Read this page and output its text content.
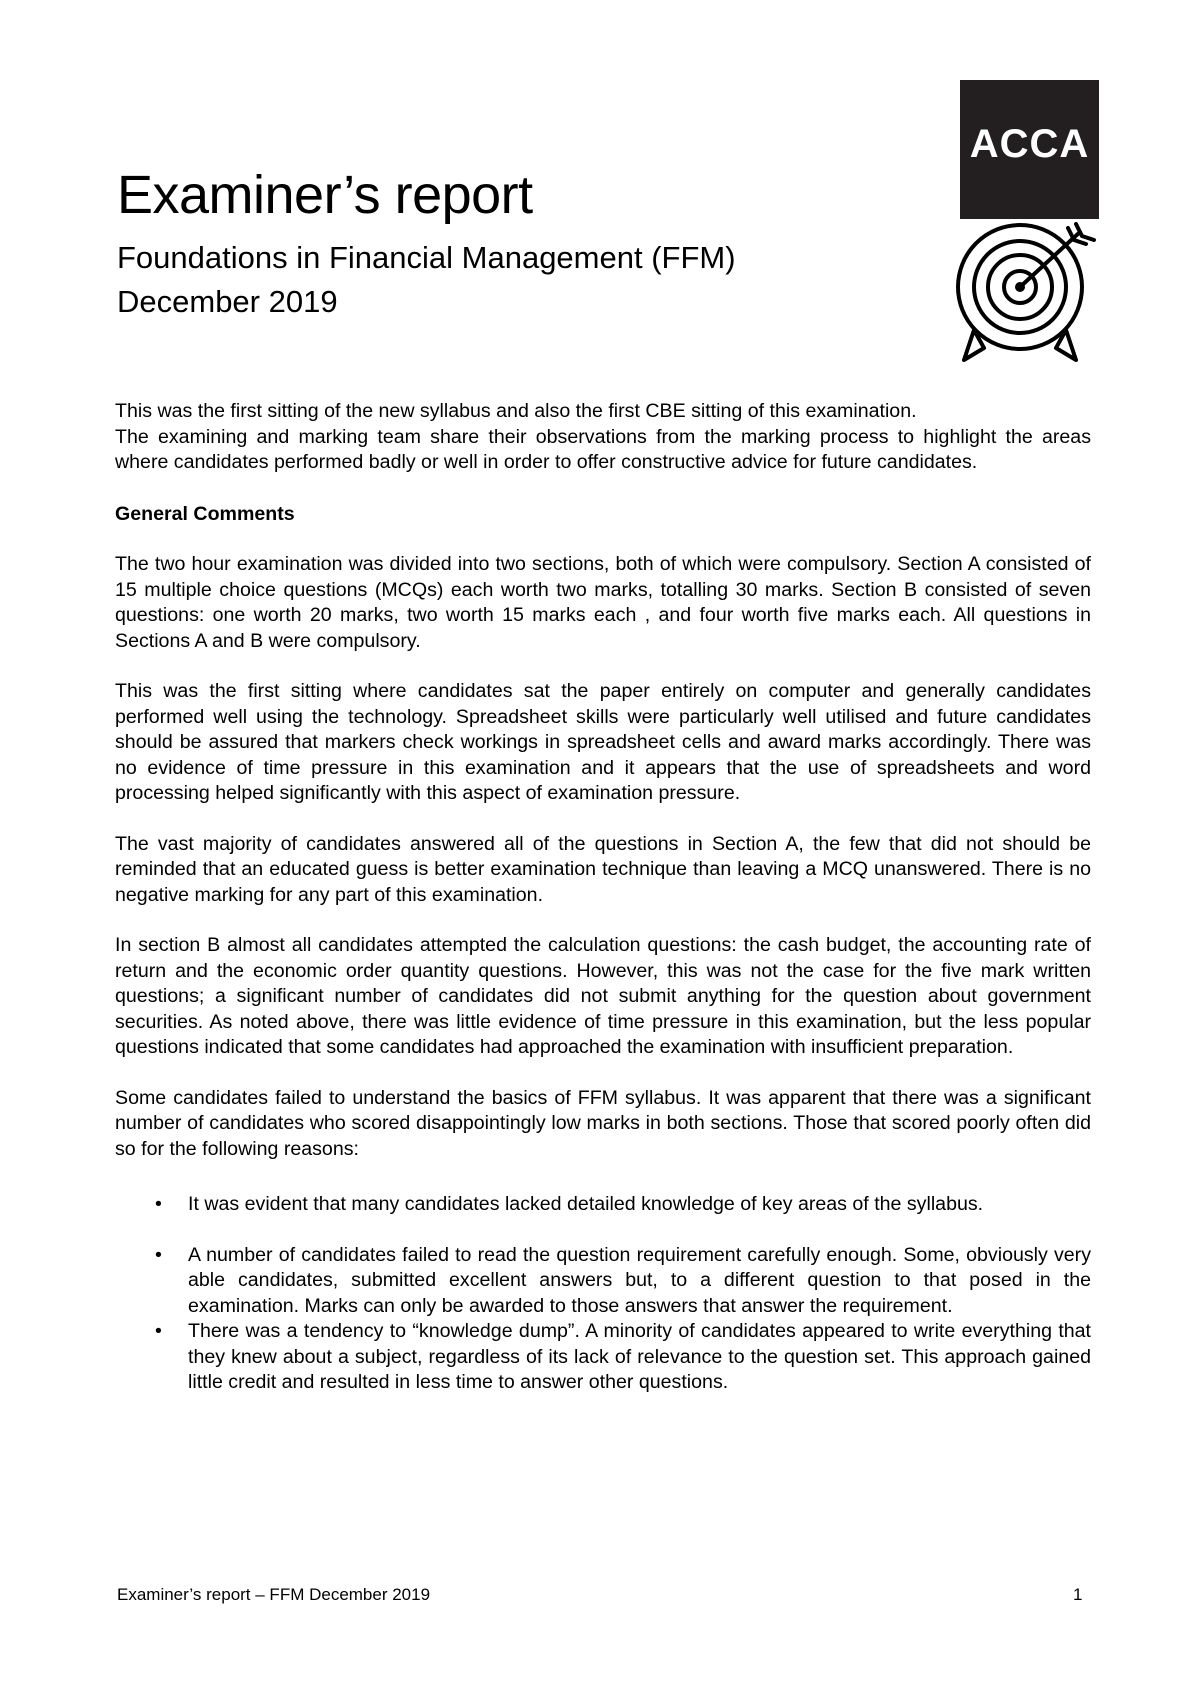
ACCA
Examiner’s report
Foundations in Financial Management (FFM)
December 2019

This was the first sitting of the new syllabus and also the first CBE sitting of this examination.
The examining and marking team share their observations from the marking process to highlight the areas where candidates performed badly or well in order to offer constructive advice for future candidates.

General Comments

The two hour examination was divided into two sections, both of which were compulsory. Section A consisted of 15 multiple choice questions (MCQs) each worth two marks, totalling 30 marks. Section B consisted of seven questions: one worth 20 marks, two worth 15 marks each , and four worth five marks each. All questions in Sections A and B were compulsory.

This was the first sitting where candidates sat the paper entirely on computer and generally candidates performed well using the technology. Spreadsheet skills were particularly well utilised and future candidates should be assured that markers check workings in spreadsheet cells and award marks accordingly. There was no evidence of time pressure in this examination and it appears that the use of spreadsheets and word processing helped significantly with this aspect of examination pressure.

The vast majority of candidates answered all of the questions in Section A, the few that did not should be reminded that an educated guess is better examination technique than leaving a MCQ unanswered. There is no negative marking for any part of this examination.

In section B almost all candidates attempted the calculation questions: the cash budget, the accounting rate of return and the economic order quantity questions. However, this was not the case for the five mark written questions; a significant number of candidates did not submit anything for the question about government securities. As noted above, there was little evidence of time pressure in this examination, but the less popular questions indicated that some candidates had approached the examination with insufficient preparation.

Some candidates failed to understand the basics of FFM syllabus. It was apparent that there was a significant number of candidates who scored disappointingly low marks in both sections. Those that scored poorly often did so for the following reasons:

• It was evident that many candidates lacked detailed knowledge of key areas of the syllabus.
• A number of candidates failed to read the question requirement carefully enough. Some, obviously very able candidates, submitted excellent answers but, to a different question to that posed in the examination. Marks can only be awarded to those answers that answer the requirement.
• There was a tendency to “knowledge dump”. A minority of candidates appeared to write everything that they knew about a subject, regardless of its lack of relevance to the question set. This approach gained little credit and resulted in less time to answer other questions.
Examiner’s report – FFM December 2019	1
